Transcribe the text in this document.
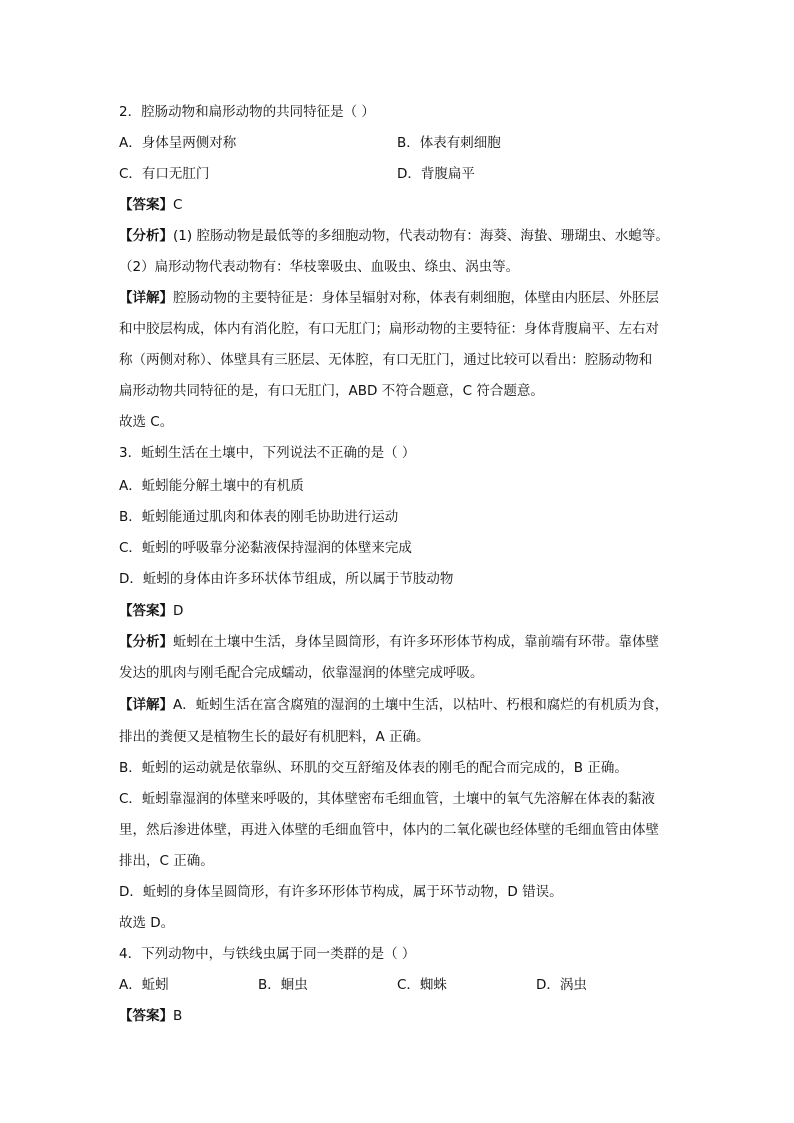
2．腔肠动物和扁形动物的共同特征是（ ）
A．身体呈两侧对称	B．体表有刺细胞
C．有口无肛门	D．背腹扁平
【答案】C
【分析】(1) 腔肠动物是最低等的多细胞动物，代表动物有：海葵、海蛰、珊瑚虫、水螅等。
（2）扁形动物代表动物有：华枝睾吸虫、血吸虫、绦虫、涡虫等。
【详解】腔肠动物的主要特征是：身体呈辐射对称，体表有刺细胞，体壁由内胚层、外胚层
和中胶层构成，体内有消化腔，有口无肛门；扁形动物的主要特征：身体背腹扁平、左右对
称（两侧对称）、体壁具有三胚层、无体腔，有口无肛门，通过比较可以看出：腔肠动物和
扁形动物共同特征的是，有口无肛门，ABD 不符合题意，C 符合题意。
故选 C。
3．蚯蚓生活在土壤中，下列说法不正确的是（ ）
A．蚯蚓能分解土壤中的有机质
B．蚯蚓能通过肌肉和体表的刚毛协助进行运动
C．蚯蚓的呼吸靠分泌黏液保持湿润的体壁来完成
D．蚯蚓的身体由许多环状体节组成，所以属于节肢动物
【答案】D
【分析】蚯蚓在土壤中生活，身体呈圆筒形，有许多环形体节构成，靠前端有环带。靠体壁
发达的肌肉与刚毛配合完成蠕动，依靠湿润的体壁完成呼吸。
【详解】A．蚯蚓生活在富含腐殖的湿润的土壤中生活，以枯叶、朽根和腐烂的有机质为食，
排出的粪便又是植物生长的最好有机肥料，A 正确。
B．蚯蚓的运动就是依靠纵、环肌的交互舒缩及体表的刚毛的配合而完成的，B 正确。
C．蚯蚓靠湿润的体壁来呼吸的，其体壁密布毛细血管，土壤中的氧气先溶解在体表的黏液
里，然后渗进体壁，再进入体壁的毛细血管中，体内的二氧化碳也经体壁的毛细血管由体壁
排出，C 正确。
D．蚯蚓的身体呈圆筒形，有许多环形体节构成，属于环节动物，D 错误。
故选 D。
4．下列动物中，与铁线虫属于同一类群的是（ ）
A．蚯蚓	B．蛔虫	C．蜘蛛	D．涡虫
【答案】B
